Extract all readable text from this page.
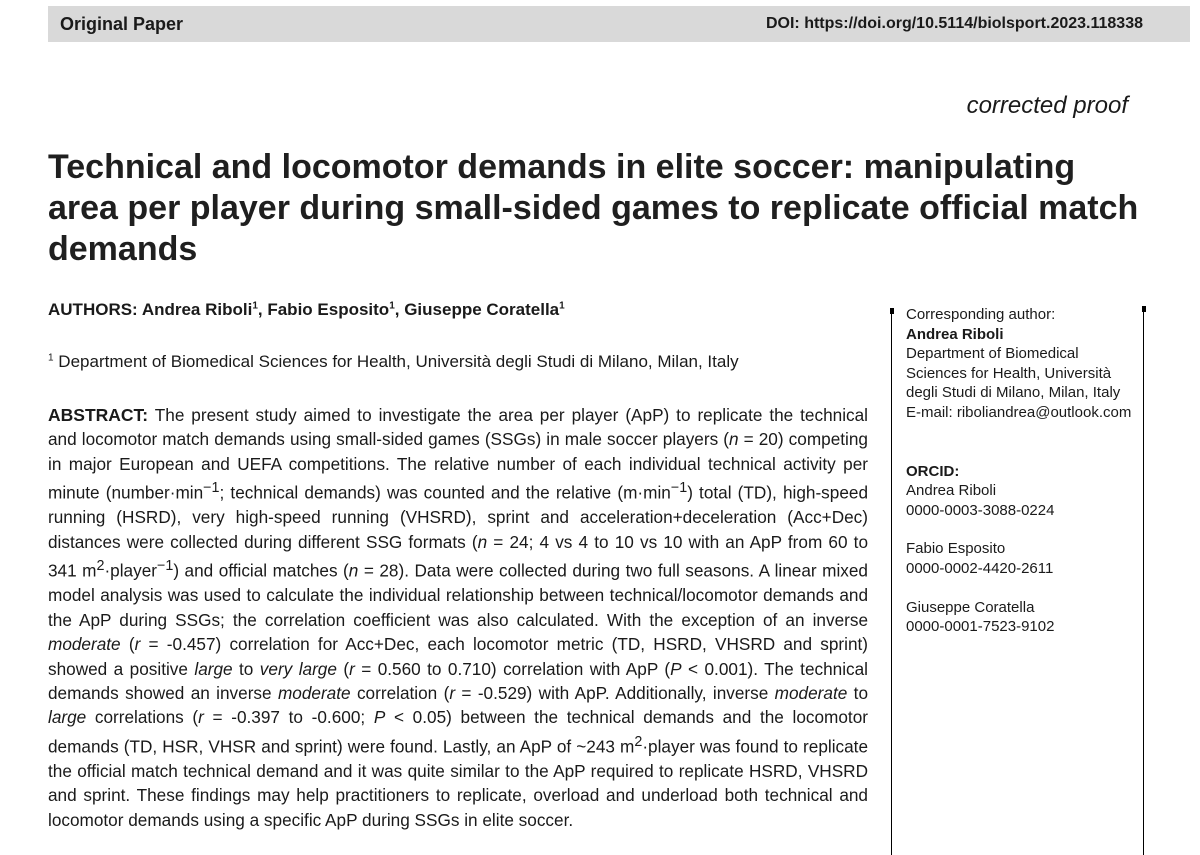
Original Paper	DOI: https://doi.org/10.5114/biolsport.2023.118338
corrected proof
Technical and locomotor demands in elite soccer: manipulating area per player during small-sided games to replicate official match demands
AUTHORS: Andrea Riboli$^1$, Fabio Esposito$^1$, Giuseppe Coratella$^1$
$^1$ Department of Biomedical Sciences for Health, Università degli Studi di Milano, Milan, Italy

ABSTRACT: The present study aimed to investigate the area per player (ApP) to replicate the technical and locomotor match demands using small-sided games (SSGs) in male soccer players (n = 20) competing in major European and UEFA competitions. The relative number of each individual technical activity per minute ($number\cdot\min^{-1}$; technical demands) was counted and the relative $(m\cdot\min^{-1})$ total (TD), high-speed running (HSRD), very high-speed running (VHSRD), sprint and acceleration+deceleration (Acc+Dec) distances were collected during different SSG formats (n = 24; 4 vs 4 to 10 vs 10 with an ApP from 60 to 341 $m^2\cdot player^{-1}$) and official matches (n = 28). Data were collected during two full seasons. A linear mixed model analysis was used to calculate the individual relationship between technical/locomotor demands and the ApP during SSGs; the correlation coefficient was also calculated. With the exception of an inverse moderate (r = -0.457) correlation for Acc+Dec, each locomotor metric (TD, HSRD, VHSRD and sprint) showed a positive large to very large (r = 0.560 to 0.710) correlation with ApP (P < 0.001). The technical demands showed an inverse moderate correlation (r = -0.529) with ApP. Additionally, inverse moderate to large correlations (r = -0.397 to -0.600; P < 0.05) between the technical demands and the locomotor demands (TD, HSR, VHSR and sprint) were found. Lastly, an ApP of ~243 $m^2\cdot player$ was found to replicate the official match technical demand and it was quite similar to the ApP required to replicate HSRD, VHSRD and sprint. These findings may help practitioners to replicate, overload and underload both technical and locomotor demands using a specific ApP during SSGs in elite soccer.

Corresponding author:
Andrea Riboli
Department of Biomedical
Sciences for Health, Università
degli Studi di Milano, Milan, Italy
E-mail: riboliandrea@outlook.com
ORCID:
Andrea Riboli
0000-0003-3088-0224
Fabio Esposito
0000-0002-4420-2611
Giuseppe Coratella
0000-0001-7523-9102
